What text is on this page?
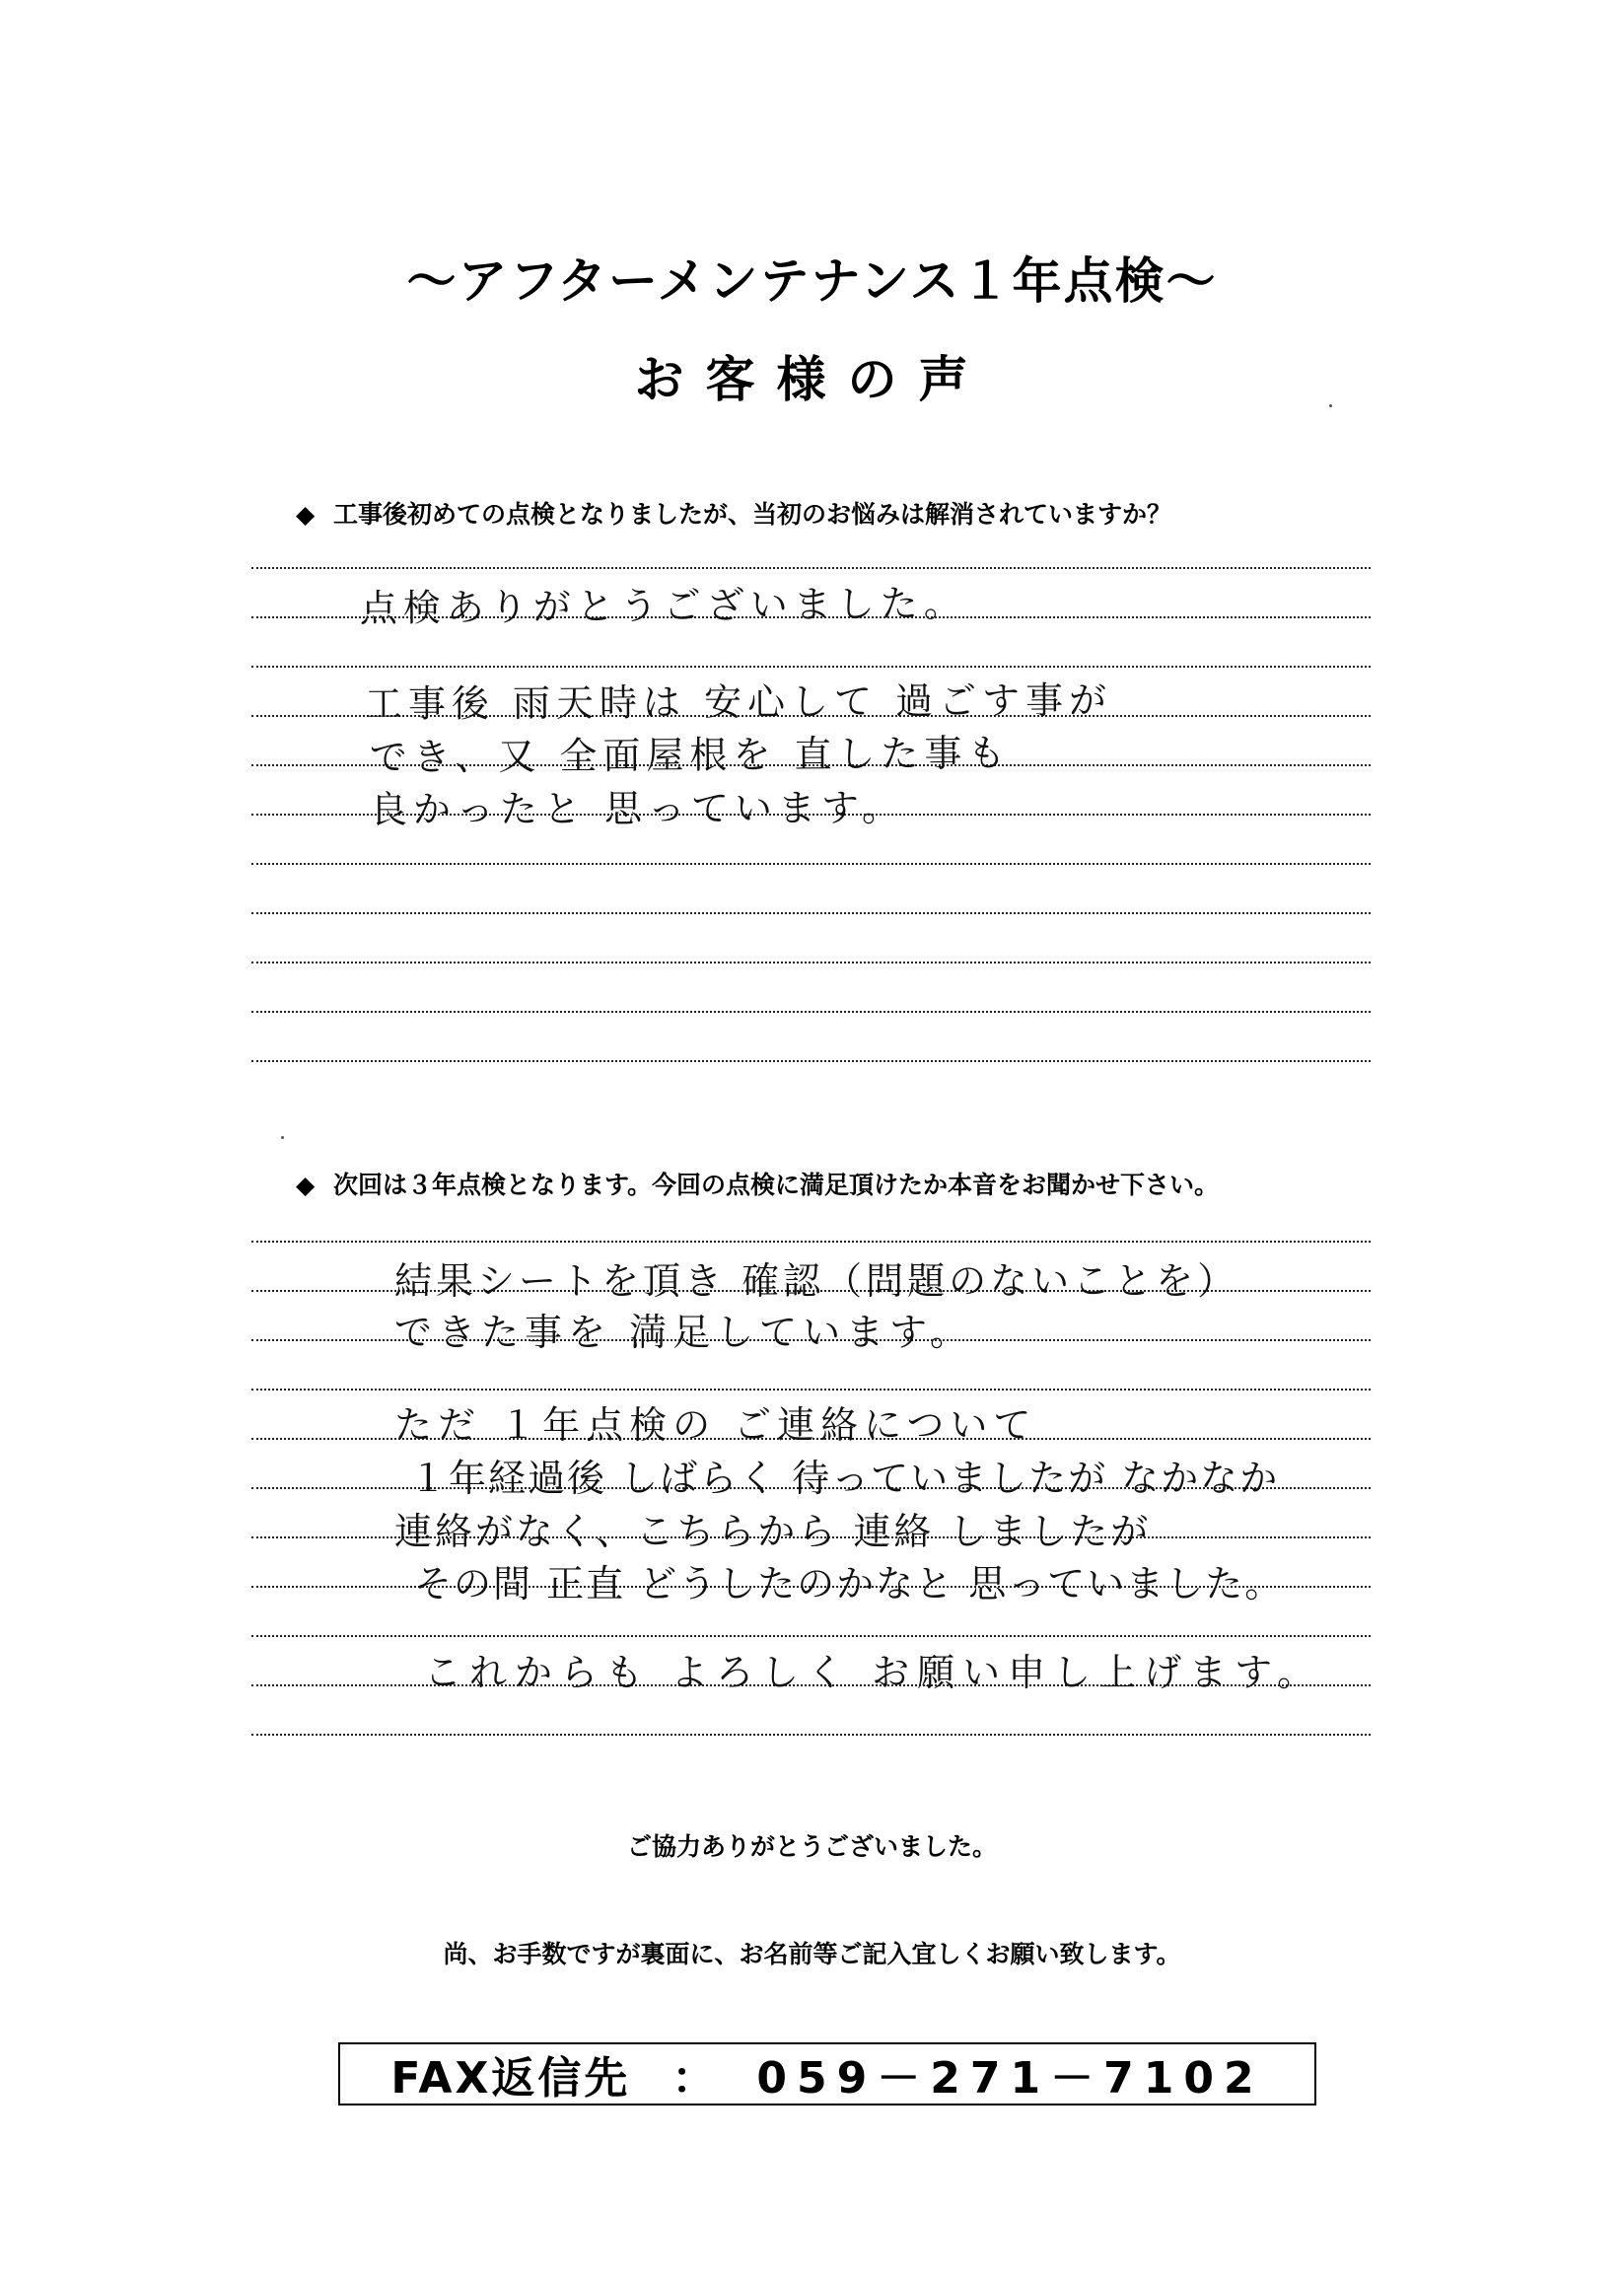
〜アフターメンテナンス１年点検〜
お客様の声
◆ 工事後初めての点検となりましたが、当初のお悩みは解消されていますか？
点検ありがとうございました。
工事後 雨天時は 安心して 過ごす事が
でき、又 全面屋根を 直した事も
良かったと 思っています。
◆ 次回は３年点検となります。今回の点検に満足頂けたか本音をお聞かせ下さい。
結果シートを頂き 確認（問題のないことを）
できた事を 満足しています。
ただ １年点検の ご連絡について
１年経過後 しばらく 待っていましたが なかなか
連絡がなく、こちらから 連絡 しましたが
その間 正直 どうしたのかなと 思っていました。
これからも よろしく お願い申し上げます。
ご協力ありがとうございました。
尚、お手数ですが裏面に、お名前等ご記入宜しくお願い致します。
FAX返信先 ： 059－271－7102
